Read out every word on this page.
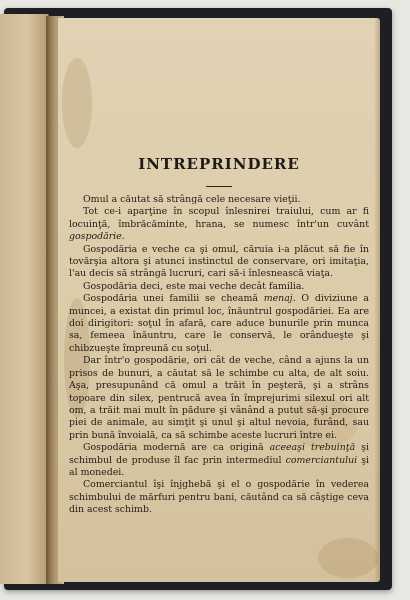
INTREPRINDERE

Omul a căutat să strângă cele necesare vieţii.

Tot ce-i aparţine în scopul înlesnirei traiului, cum ar fi locuinţă, îmbrăcăminte, hrana, se numesc într'un cuvânt gospodărie.

Gospodăria e veche ca şi omul, căruia i-a plăcut să fie în tovărşia altora şi atunci instinctul de conservare, ori imitaţia, l'au decis să strângă lucruri, cari să-i înlesnească viaţa.

Gospodăria deci, este mai veche decât familia.

Gospodăria unei familii se cheamă menaj. O diviziune a muncei, a existat din primul loc, înăuntrul gospodăriei. Ea are doi dirigitori: soţul în afară, care aduce bunurile prin munca sa, femeea înăuntru, care le conservă, le orândueşte şi chibzueşte împreună cu soţul.

Dar într'o gospodărie, ori cât de veche, când a ajuns la un prisos de bunuri, a căutat să le schimbe cu alta, de alt soiu. Aşa, presupunând că omul a trăit în peşteră, şi a strâns topoare din silex, pentrucă avea în împrejurimi silexul ori alt om, a trăit mai mult în pădure şi vânând a putut să-şi procure piei de animale, au simţit şi unul şi altul nevoia, furând, sau prin bună învoială, ca să schimbe aceste lucruri între ei.

Gospodăria modernă are ca origină aceeaşi trebuinţă şi schimbul de produse îl fac prin intermediul comerciantului şi al monedei.

Comerciantul îşi înjghebă şi el o gospodărie în vederea schimbului de mărfuri pentru bani, căutând ca să câştige ceva din acest schimb.
